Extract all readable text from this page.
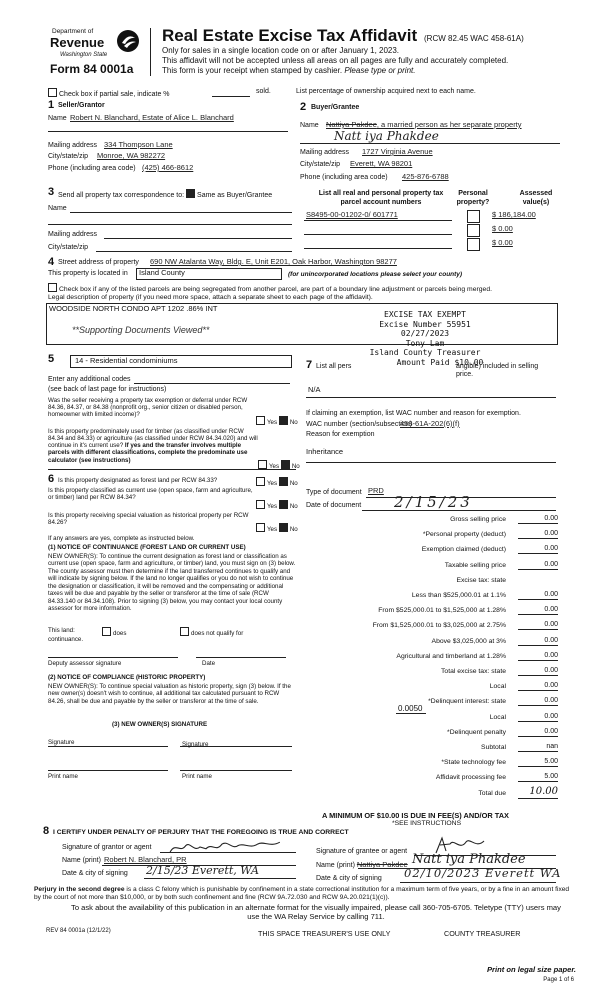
Department of
Revenue
Washington State
Form 84 0001a
Real Estate Excise Tax Affidavit (RCW 82.45 WAC 458-61A)
Only for sales in a single location code on or after January 1, 2023.
This affidavit will not be accepted unless all areas on all pages are fully and accurately completed.
This form is your receipt when stamped by cashier. Please type or print.
Check box if partial sale, indicate %	sold.	List percentage of ownership acquired next to each name.
1 Seller/Grantor
Name Robert N. Blanchard, Estate of Alice L. Blanchard
Mailing address 334 Thompson Lane
City/state/zip Monroe, WA 982272
Phone (including area code) (425) 466-8612
2 Buyer/Grantee
Name Nattiya Pakdee, a married person as her separate property
Natt iya Phakdee
Mailing address 1727 Virginia Avenue
City/state/zip Everett, WA 98201
Phone (including area code) 425-876-6788
3 Send all property tax correspondence to: Same as Buyer/Grantee
Name
Mailing address
City/state/zip
List all real and personal property tax
parcel account numbers
Personal
property?
Assessed
value(s)
S8495-00-01202-0/ 601771	$ 186,184.00
$ 0.00
$ 0.00
4 Street address of property 690 NW Atalanta Way, Bldg. E, Unit E201, Oak Harbor, Washington 98277
This property is located in Island County	(for unincorporated locations please select your county)
Check box if any of the listed parcels are being segregated from another parcel, are part of a boundary line adjustment or parcels being merged.
Legal description of property (if you need more space, attach a separate sheet to each page of the affidavit).
WOODSIDE NORTH CONDO APT 1202 .86% INT
**Supporting Documents Viewed**
EXCISE TAX EXEMPT
Excise Number 55951
02/27/2023
Tony Lam
Island County Treasurer
Amount Paid $10.00
5	14 - Residential condominiums
Enter any additional codes
(see back of last page for instructions)
Was the seller receiving a property tax exemption or deferral under RCW 84.36, 84.37, or 84.38 (nonprofit org., senior citizen or disabled person, homeowner with limited income)?
Yes No
Is this property predominately used for timber (as classified under RCW 84.34 and 84.33) or agriculture (as classified under RCW 84.34.020) and will continue in it's current use? If yes and the transfer involves multiple parcels with different classifications, complete the predominate use calculator (see instructions)
Yes No
7 List all pers	angible) included in selling price.
N/A
If claiming an exemption, list WAC number and reason for exemption.
WAC number (section/subsection)
458-61A-202(6)(f)
Reason for exemption
Inheritance
6 Is this property designated as forest land per RCW 84.33?	Yes No
Is this property classified as current use (open space, farm and agriculture, or timber) land per RCW 84.34?
Yes No
Is this property receiving special valuation as historical property per RCW 84.26?
Yes No
If any answers are yes, complete as instructed below.
(1) NOTICE OF CONTINUANCE (FOREST LAND OR CURRENT USE)
NEW OWNER(S): To continue the current designation as forest land or classification as current use (open space, farm and agriculture, or timber) land, you must sign on (3) below. The county assessor must then determine if the land transferred continues to qualify and will indicate by signing below. If the land no longer qualifies or you do not wish to continue the designation or classification, it will be removed and the compensating or additional taxes will be due and payable by the seller or transferor at the time of sale (RCW 84.33.140 or 84.34.108). Prior to signing (3) below, you may contact your local county assessor for more information.
This land:	does	does not qualify for
continuance.
Deputy assessor signature	Date
(2) NOTICE OF COMPLIANCE (HISTORIC PROPERTY)
NEW OWNER(S): To continue special valuation as historic property, sign (3) below. If the new owner(s) doesn't wish to continue, all additional tax calculated pursuant to RCW 84.26, shall be due and payable by the seller or transferor at the time of sale.
(3) NEW OWNER(S) SIGNATURE
Signature	Signature
Print name	Print name
Type of document PRD
Date of document 2/15/23
Gross selling price	0.00
*Personal property (deduct)	0.00
Exemption claimed (deduct)	0.00
Taxable selling price	0.00
Excise tax: state
Less than $525,000.01 at 1.1%	0.00
From $525,000.01 to $1,525,000 at 1.28%	0.00
From $1,525,000.01 to $3,025,000 at 2.75%	0.00
Above $3,025,000 at 3%	0.00
Agricultural and timberland at 1.28%	0.00
Total excise tax: state	0.00
Local	0.00
*Delinquent interest: state	0.00
Local	0.00
*Delinquent penalty	0.00
Subtotal	nan
*State technology fee	5.00
Affidavit processing fee	5.00
Total due	10.00
0.0050
A MINIMUM OF $10.00 IS DUE IN FEE(S) AND/OR TAX
*SEE INSTRUCTIONS
8 I CERTIFY UNDER PENALTY OF PERJURY THAT THE FOREGOING IS TRUE AND CORRECT
Signature of grantor or agent
Name (print) Robert N. Blanchard, PR
Date & city of signing 2/15/23 Everett, WA
Signature of grantee or agent
Name (print) Nattiya Pakdee Natt iya Phakdee
Date & city of signing 02/10/2023 Everett WA
Perjury in the second degree is a class C felony which is punishable by confinement in a state correctional institution for a maximum term of five years, or by a fine in an amount fixed by the court of not more than $10,000, or by both such confinement and fine (RCW 9A.72.030 and RCW 9A.20.021(1)(c)).
To ask about the availability of this publication in an alternate format for the visually impaired, please call 360-705-6705. Teletype (TTY) users may use the WA Relay Service by calling 711.
REV 84 0001a (12/1/22)	THIS SPACE TREASURER'S USE ONLY	COUNTY TREASURER
Print on legal size paper.
Page 1 of 6
